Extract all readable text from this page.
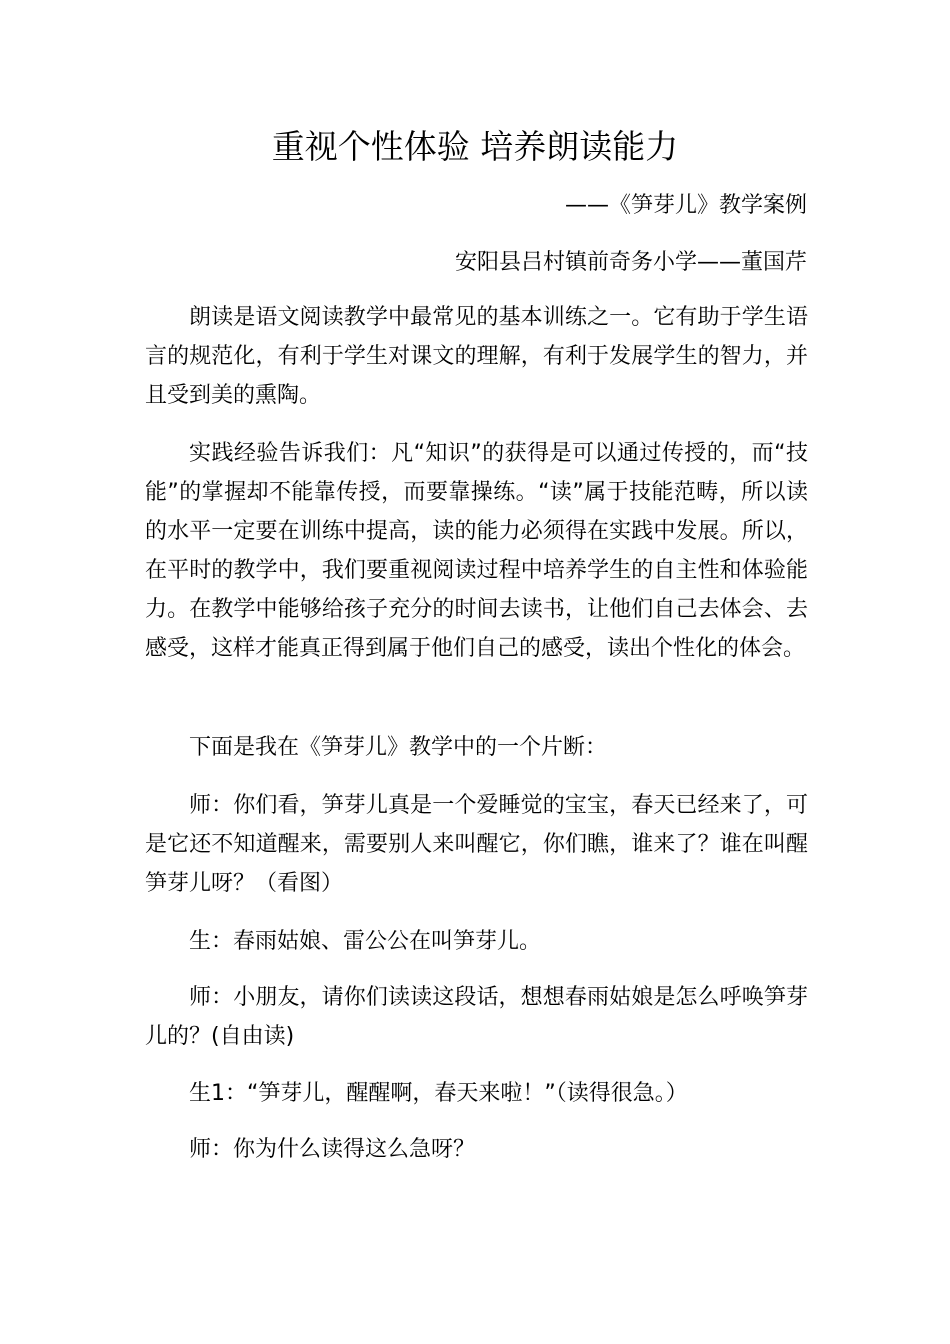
重视个性体验 培养朗读能力
——《笋芽儿》教学案例
安阳县吕村镇前奇务小学——董国芹

朗读是语文阅读教学中最常见的基本训练之一。它有助于学生语言的规范化，有利于学生对课文的理解，有利于发展学生的智力，并且受到美的熏陶。

实践经验告诉我们：凡“知识”的获得是可以通过传授的，而“技能”的掌握却不能靠传授，而要靠操练。“读”属于技能范畴，所以读的水平一定要在训练中提高，读的能力必须得在实践中发展。所以，在平时的教学中，我们要重视阅读过程中培养学生的自主性和体验能力。在教学中能够给孩子充分的时间去读书，让他们自己去体会、去感受，这样才能真正得到属于他们自己的感受，读出个性化的体会。

下面是我在《笋芽儿》教学中的一个片断：

师：你们看，笋芽儿真是一个爱睡觉的宝宝，春天已经来了，可是它还不知道醒来，需要别人来叫醒它，你们瞧，谁来了？谁在叫醒笋芽儿呀？（看图）

生：春雨姑娘、雷公公在叫笋芽儿。

师：小朋友，请你们读读这段话，想想春雨姑娘是怎么呼唤笋芽儿的？(自由读)

生1：“笋芽儿，醒醒啊，春天来啦！”（读得很急。）

师：你为什么读得这么急呀？
